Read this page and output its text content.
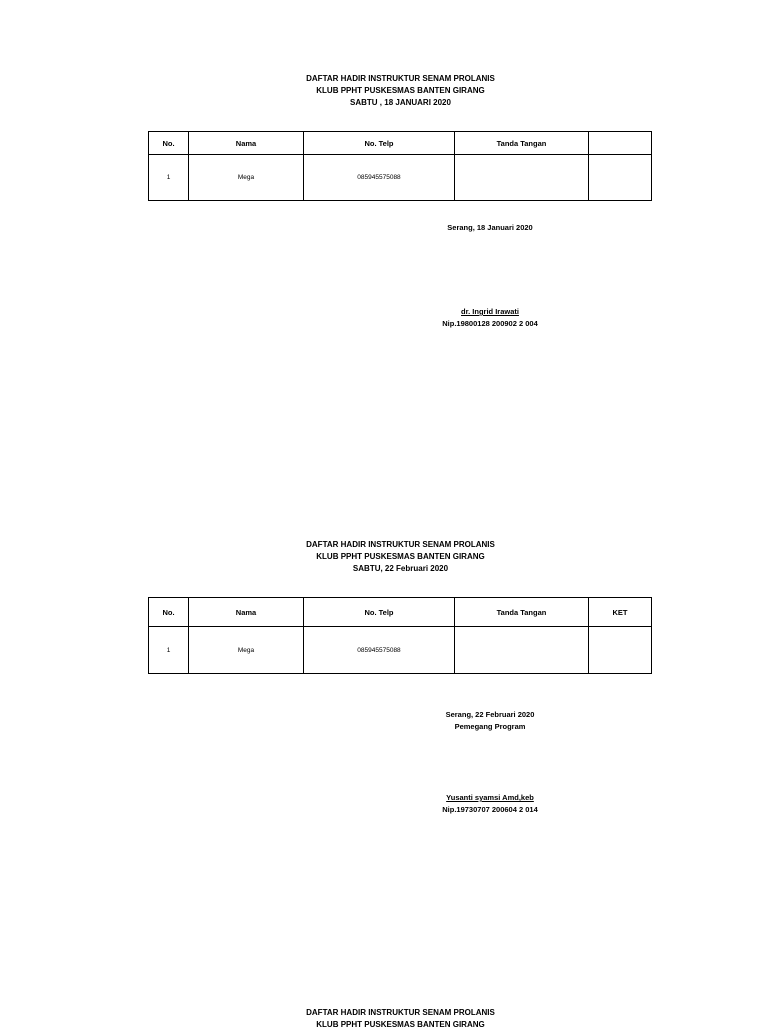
DAFTAR HADIR INSTRUKTUR SENAM PROLANIS
KLUB PPHT PUSKESMAS BANTEN GIRANG
SABTU , 18 JANUARI 2020
No.	Nama	No. Telp	Tanda Tangan	
1	Mega	085945575088		
Serang, 18 Januari 2020
dr. Ingrid Irawati
Nip.19800128 200902 2 004
DAFTAR HADIR INSTRUKTUR SENAM PROLANIS
KLUB PPHT PUSKESMAS BANTEN GIRANG
SABTU, 22 Februari 2020
No.	Nama	No. Telp	Tanda Tangan	KET
1	Mega	085945575088		
Serang, 22 Februari 2020
Pemegang Program
Yusanti syamsi Amd,keb
Nip.19730707 200604 2 014
DAFTAR HADIR INSTRUKTUR SENAM PROLANIS
KLUB PPHT PUSKESMAS BANTEN GIRANG
